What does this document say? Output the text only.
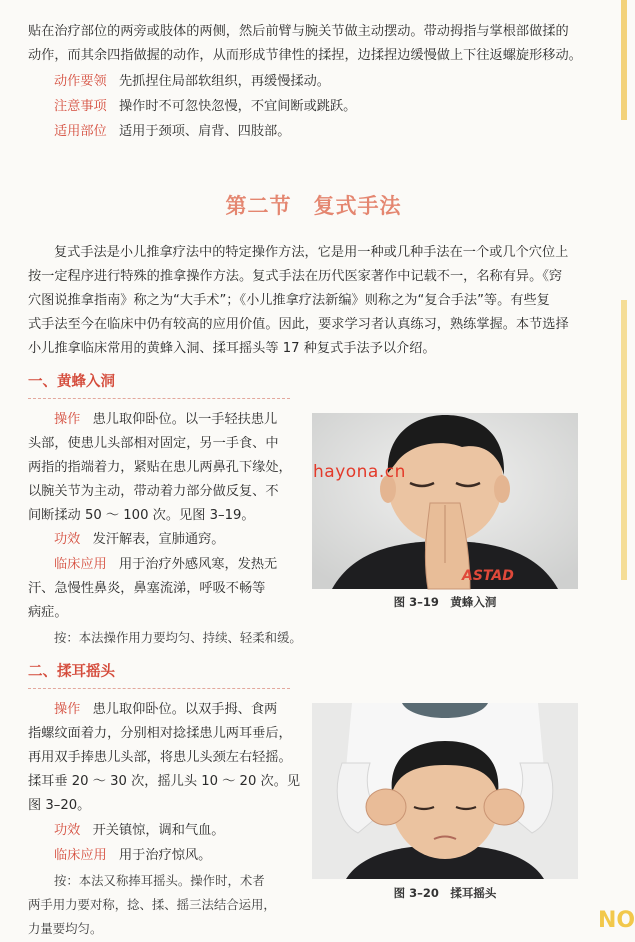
贴在治疗部位的两旁或肢体的两侧，然后前臂与腕关节做主动摆动。带动拇指与掌根部做揉的
动作，而其余四指做握的动作，从而形成节律性的揉捏，边揉捏边缓慢做上下往返螺旋形移动。
动作要领 先抓捏住局部软组织，再缓慢揉动。
注意事项 操作时不可忽快忽慢，不宜间断或跳跃。
适用部位 适用于颈项、肩背、四肢部。
第二节　复式手法
复式手法是小儿推拿疗法中的特定操作方法，它是用一种或几种手法在一个或几个穴位上
按一定程序进行特殊的推拿操作方法。复式手法在历代医家著作中记载不一，名称有异。《窍
穴图说推拿指南》称之为“大手术”；《小儿推拿疗法新编》则称之为“复合手法”等。有些复
式手法至今在临床中仍有较高的应用价值。因此，要求学习者认真练习，熟练掌握。本节选择
小儿推拿临床常用的黄蜂入洞、揉耳摇头等 17 种复式手法予以介绍。
一、黄蜂入洞
操作 患儿取仰卧位。以一手轻扶患儿
头部，使患儿头部相对固定，另一手食、中
两指的指端着力，紧贴在患儿两鼻孔下缘处，
以腕关节为主动，带动着力部分做反复、不
间断揉动 50 ～ 100 次。见图 3–19。
功效 发汗解表，宣肺通窍。
临床应用 用于治疗外感风寒，发热无
汗、急慢性鼻炎，鼻塞流涕，呼吸不畅等
病症。
按：本法操作用力要均匀、持续、轻柔和缓。
ASTAD
图 3–19　黄蜂入洞
二、揉耳摇头
操作 患儿取仰卧位。以双手拇、食两
指螺纹面着力，分别相对捻揉患儿两耳垂后，
再用双手捧患儿头部，将患儿头颈左右轻摇。
揉耳垂 20 ～ 30 次，摇儿头 10 ～ 20 次。见
图 3–20。
功效 开关镇惊，调和气血。
临床应用 用于治疗惊风。
按：本法又称捧耳摇头。操作时，术者
两手用力要对称，捻、揉、摇三法结合运用，
力量要均匀。
图 3–20　揉耳摇头
hayona.cn
NO
